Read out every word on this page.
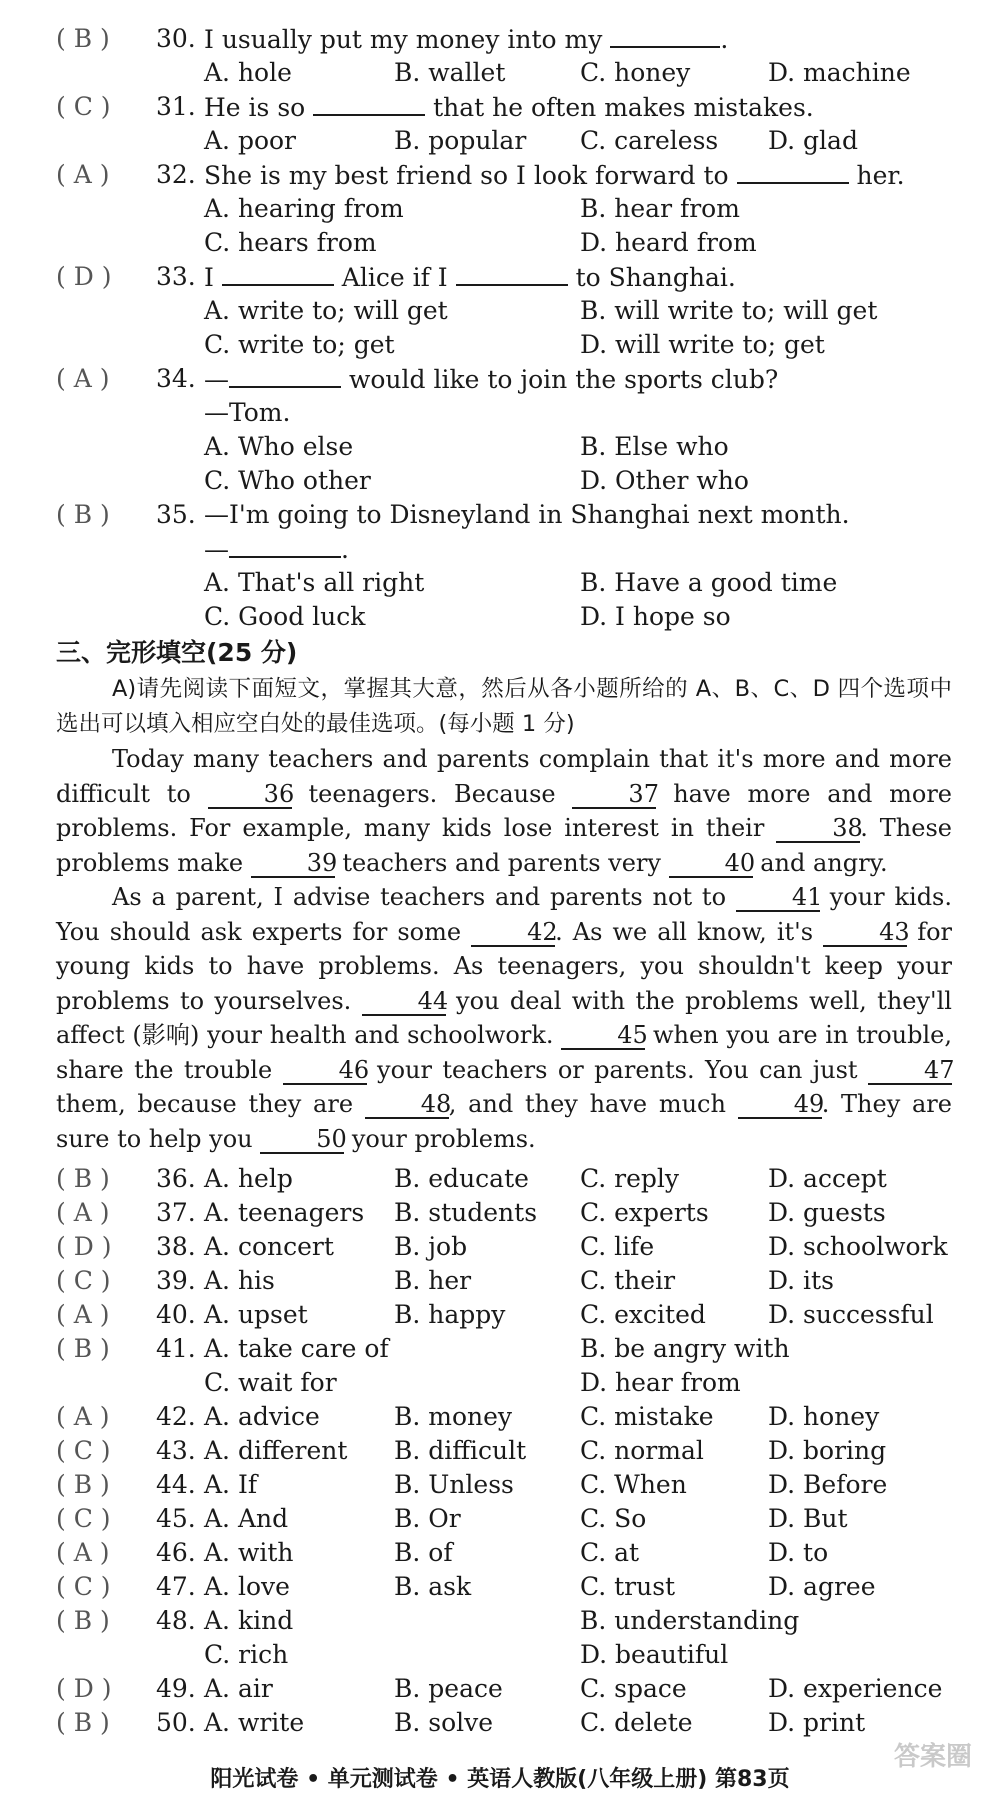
( B ) 30. I usually put my money into my	.
A. hole	B. wallet	C. honey	D. machine
( C ) 31. He is so	that he often makes mistakes.
A. poor	B. popular C. careless D. glad
( A ) 32. She is my best friend so I look forward to	her.
A. hearing from	B. hear from
C. hears from	D. heard from
( D ) 33. I	Alice if I	to Shanghai.
A. write to; will get	B. will write to; will get
C. write to; get	D. will write to; get
( A ) 34. —	would like to join the sports club?
—Tom.
A. Who else	B. Else who
C. Who other	D. Other who
( B ) 35. —I'm going to Disneyland in Shanghai next month.
—	.
A. That's all right	B. Have a good time
C. Good luck	D. I hope so
三、完形填空(25 分)
A)请先阅读下面短文，掌握其大意，然后从各小题所给的 A、B、C、D 四个选项中选出可以填入相应空白处的最佳选项。(每小题 1 分)
Today many teachers and parents complain that it's more and more difficult to	36 teenagers. Because	37 have more and more problems. For example, many kids lose interest in their	38. These problems make	39 teachers and parents very	40 and angry.
As a parent, I advise teachers and parents not to	41 your kids. You should ask experts for some	42. As we all know, it's	43 for young kids to have problems. As teenagers, you shouldn't keep your problems to yourselves.	44 you deal with the problems well, they'll affect (影响) your health and schoolwork.	45 when you are in trouble, share the trouble	46 your teachers or parents. You can just	47 them, because they are	48, and they have much	49. They are sure to help you	50 your problems.
( B ) 36. A. help	B. educate C. reply	D. accept
( A ) 37. A. teenagers B. students C. experts D. guests
( D ) 38. A. concert B. job	C. life	D. schoolwork
( C ) 39. A. his	B. her	C. their	D. its
( A ) 40. A. upset	B. happy	C. excited D. successful
( B ) 41. A. take care of	B. be angry with
C. wait for	D. hear from
( A ) 42. A. advice	B. money	C. mistake D. honey
( C ) 43. A. different B. difficult C. normal	D. boring
( B ) 44. A. If	B. Unless	C. When	D. Before
( C ) 45. A. And	B. Or	C. So	D. But
( A ) 46. A. with	B. of	C. at	D. to
( C ) 47. A. love	B. ask	C. trust	D. agree
( B ) 48. A. kind	B. understanding
C. rich	D. beautiful
( D ) 49. A. air	B. peace	C. space	D. experience
( B ) 50. A. write	B. solve	C. delete	D. print
阳光试卷 • 单元测试卷 • 英语人教版(八年级上册) 第83页
答案圈
